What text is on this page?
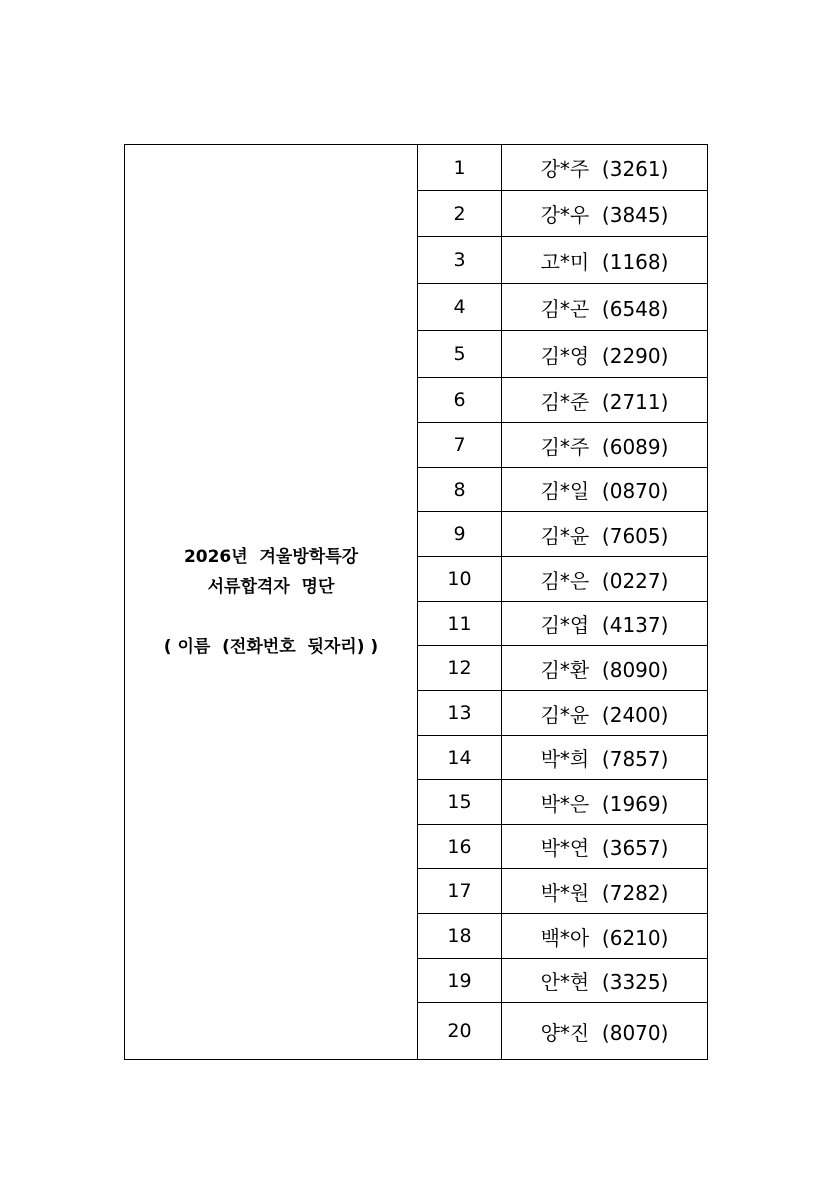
2026년  겨울방학특강
서류합격자  명단

( 이름  (전화번호  뒷자리) )	1	강*주  (3261)
	2	강*우  (3845)
	3	고*미  (1168)
	4	김*곤  (6548)
	5	김*영  (2290)
	6	김*준  (2711)
	7	김*주  (6089)
	8	김*일  (0870)
	9	김*윤  (7605)
	10	김*은  (0227)
	11	김*엽  (4137)
	12	김*환  (8090)
	13	김*윤  (2400)
	14	박*희  (7857)
	15	박*은  (1969)
	16	박*연  (3657)
	17	박*원  (7282)
	18	백*아  (6210)
	19	안*현  (3325)
	20	양*진  (8070)
